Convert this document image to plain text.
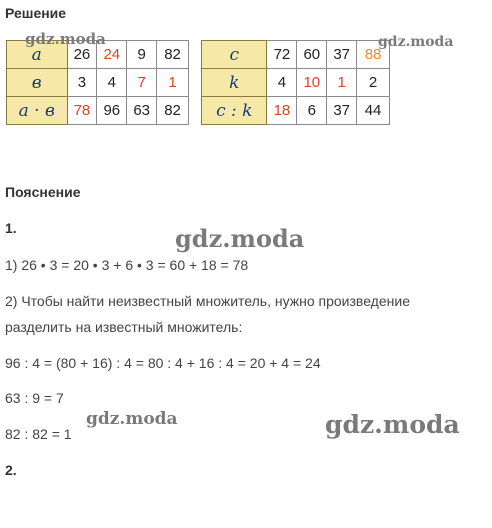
Решение
a	26	24	9	82
в	3	4	7	1
a · в	78	96	63	82
c	72	60	37	88
k	4	10	1	2
c : k	18	6	37	44
gdz.moda	gdz.moda
Пояснение
1.	gdz.moda
1) 26 • 3 = 20 • 3 + 6 • 3 = 60 + 18 = 78
2) Чтобы найти неизвестный множитель, нужно произведение
разделить на известный множитель:
96 : 4 = (80 + 16) : 4 = 80 : 4 + 16 : 4 = 20 + 4 = 24
63 : 9 = 7
82 : 82 = 1
gdz.moda	gdz.moda
2.
